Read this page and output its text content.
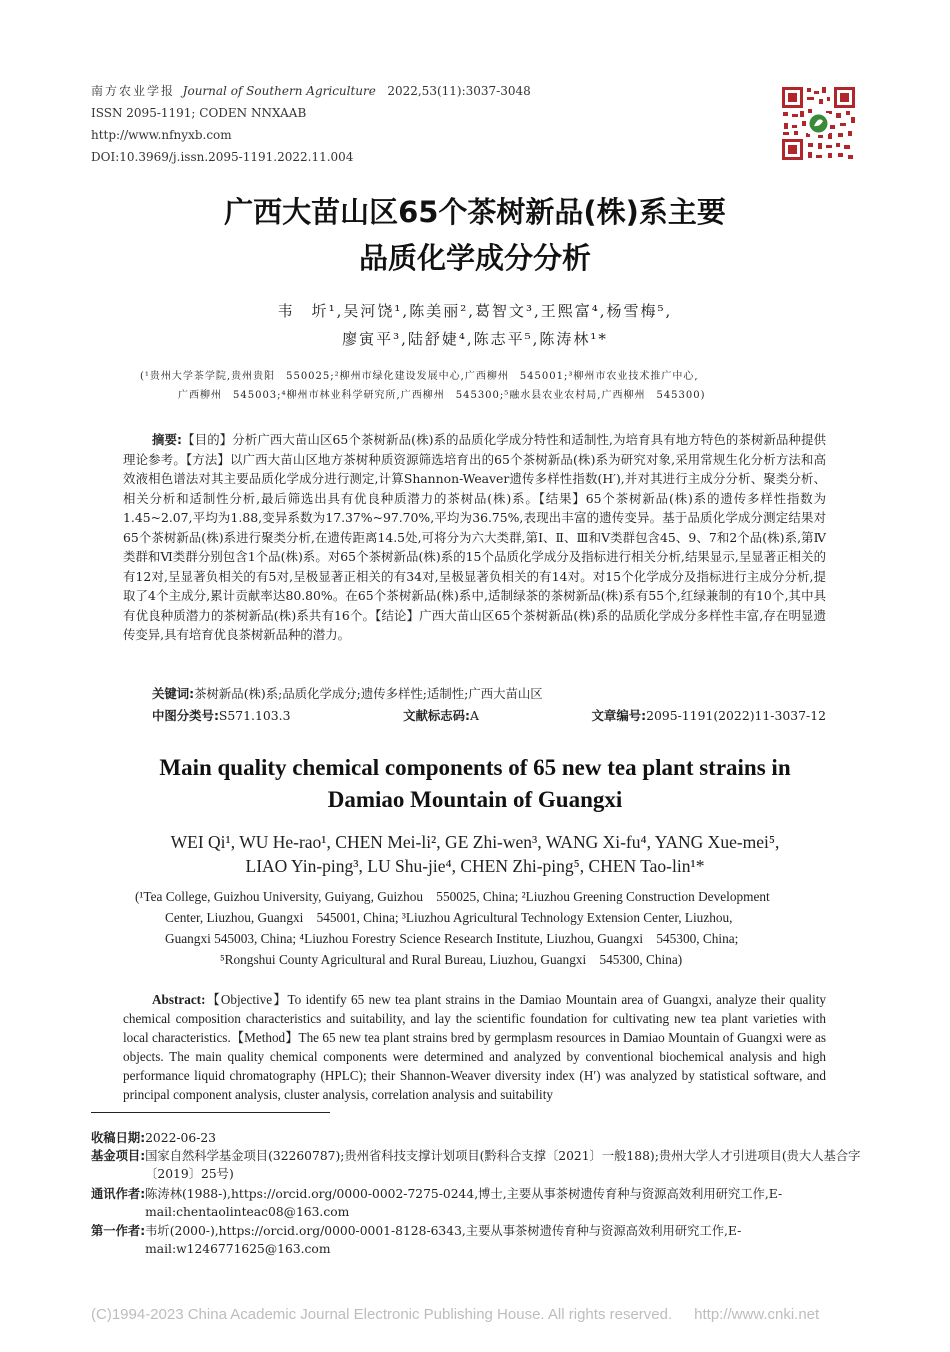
南方农业学报 Journal of Southern Agriculture 2022,53(11):3037-3048
ISSN 2095-1191; CODEN NNXAAB
http://www.nfnyxb.com
DOI:10.3969/j.issn.2095-1191.2022.11.004
广西大苗山区65个茶树新品(株)系主要
品质化学成分分析
韦　圻¹,吴河饶¹,陈美丽²,葛智文³,王熙富⁴,杨雪梅⁵,
廖寅平³,陆舒婕⁴,陈志平⁵,陈涛林¹*
(¹贵州大学茶学院,贵州贵阳　550025;²柳州市绿化建设发展中心,广西柳州　545001;³柳州市农业技术推广中心,
广西柳州　545003;⁴柳州市林业科学研究所,广西柳州　545300;⁵融水县农业农村局,广西柳州　545300)
摘要:【目的】分析广西大苗山区65个茶树新品(株)系的品质化学成分特性和适制性,为培育具有地方特色的茶树新品种提供理论参考。【方法】以广西大苗山区地方茶树种质资源筛选培育出的65个茶树新品(株)系为研究对象,采用常规生化分析方法和高效液相色谱法对其主要品质化学成分进行测定,计算Shannon-Weaver遗传多样性指数(H′),并对其进行主成分分析、聚类分析、相关分析和适制性分析,最后筛选出具有优良种质潜力的茶树品(株)系。【结果】65个茶树新品(株)系的遗传多样性指数为1.45~2.07,平均为1.88,变异系数为17.37%~97.70%,平均为36.75%,表现出丰富的遗传变异。基于品质化学成分测定结果对65个茶树新品(株)系进行聚类分析,在遗传距离14.5处,可将分为六大类群,第Ⅰ、Ⅱ、Ⅲ和Ⅴ类群包含45、9、7和2个品(株)系,第Ⅳ类群和Ⅵ类群分别包含1个品(株)系。对65个茶树新品(株)系的15个品质化学成分及指标进行相关分析,结果显示,呈显著正相关的有12对,呈显著负相关的有5对,呈极显著正相关的有34对,呈极显著负相关的有14对。对15个化学成分及指标进行主成分分析,提取了4个主成分,累计贡献率达80.80%。在65个茶树新品(株)系中,适制绿茶的茶树新品(株)系有55个,红绿兼制的有10个,其中具有优良种质潜力的茶树新品(株)系共有16个。【结论】广西大苗山区65个茶树新品(株)系的品质化学成分多样性丰富,存在明显遗传变异,具有培育优良茶树新品种的潜力。
关键词:茶树新品(株)系;品质化学成分;遗传多样性;适制性;广西大苗山区
中图分类号:S571.103.3	文献标志码:A	文章编号:2095-1191(2022)11-3037-12
Main quality chemical components of 65 new tea plant strains in
Damiao Mountain of Guangxi
WEI Qi¹, WU He-rao¹, CHEN Mei-li², GE Zhi-wen³, WANG Xi-fu⁴, YANG Xue-mei⁵,
LIAO Yin-ping³, LU Shu-jie⁴, CHEN Zhi-ping⁵, CHEN Tao-lin¹*
(¹Tea College, Guizhou University, Guiyang, Guizhou　550025, China; ²Liuzhou Greening Construction Development
Center, Liuzhou, Guangxi　545001, China; ³Liuzhou Agricultural Technology Extension Center, Liuzhou,
Guangxi 545003, China; ⁴Liuzhou Forestry Science Research Institute, Liuzhou, Guangxi　545300, China;
⁵Rongshui County Agricultural and Rural Bureau, Liuzhou, Guangxi　545300, China)
Abstract:【Objective】To identify 65 new tea plant strains in the Damiao Mountain area of Guangxi, analyze their quality chemical composition characteristics and suitability, and lay the scientific foundation for cultivating new tea plant varieties with local characteristics.【Method】The 65 new tea plant strains bred by germplasm resources in Damiao Mountain of Guangxi were as objects. The main quality chemical components were determined and analyzed by conventional biochemical analysis and high performance liquid chromatography (HPLC); their Shannon-Weaver diversity index (H′) was analyzed by statistical software, and principal component analysis, cluster analysis, correlation analysis and suitability
收稿日期: 2022-06-23
基金项目: 国家自然科学基金项目(32260787);贵州省科技支撑计划项目(黔科合支撑〔2021〕一般188);贵州大学人才引进项目(贵大人基合字〔2019〕25号)
通讯作者: 陈涛林(1988-),https://orcid.org/0000-0002-7275-0244,博士,主要从事茶树遗传育种与资源高效利用研究工作,E-mail:chentaolinteac08@163.com
第一作者: 韦圻(2000-),https://orcid.org/0000-0001-8128-6343,主要从事茶树遗传育种与资源高效利用研究工作,E-mail:w1246771625@163.com
(C)1994-2023 China Academic Journal Electronic Publishing House. All rights reserved. http://www.cnki.net
